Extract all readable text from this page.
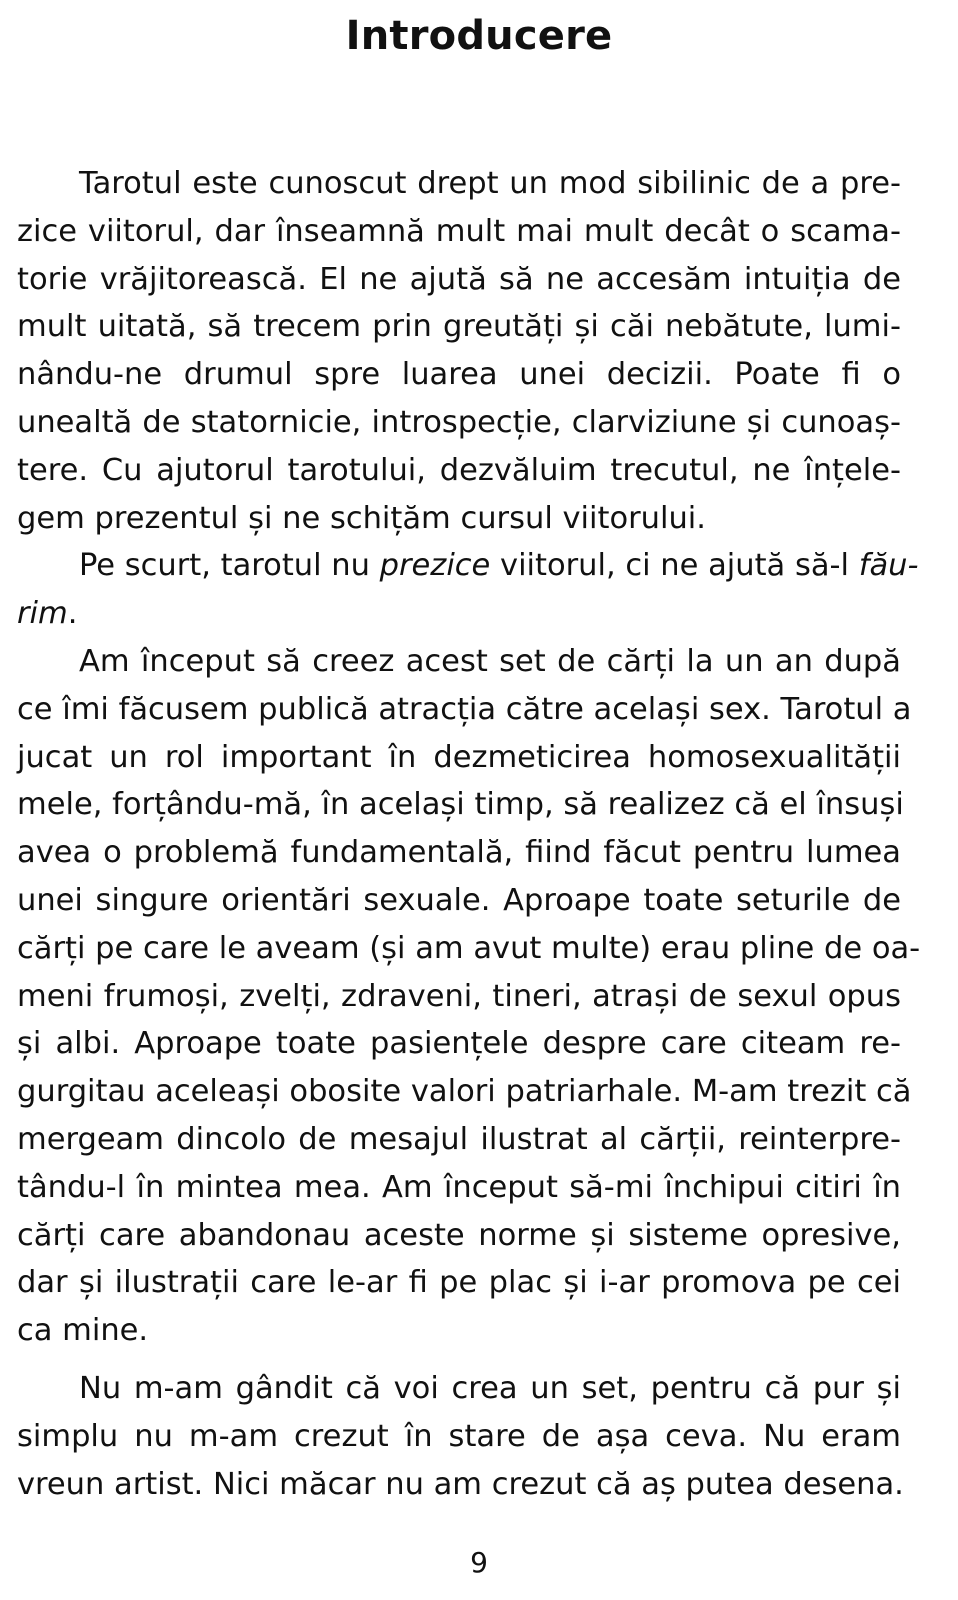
Introducere
Tarotul este cunoscut drept un mod sibilinic de a pre-
zice viitorul, dar înseamnă mult mai mult decât o scama-
torie vrăjitorească. El ne ajută să ne accesăm intuiția de
mult uitată, să trecem prin greutăți și căi nebătute, lumi-
nându-ne drumul spre luarea unei decizii. Poate fi o
unealtă de statornicie, introspecție, clarviziune și cunoaș-
tere. Cu ajutorul tarotului, dezvăluim trecutul, ne înțele-
gem prezentul și ne schițăm cursul viitorului.
Pe scurt, tarotul nu prezice viitorul, ci ne ajută să-l fău-
rim.
Am început să creez acest set de cărți la un an după
ce îmi făcusem publică atracția către același sex. Tarotul a
jucat un rol important în dezmeticirea homosexualității
mele, forțându-mă, în același timp, să realizez că el însuși
avea o problemă fundamentală, fiind făcut pentru lumea
unei singure orientări sexuale. Aproape toate seturile de
cărți pe care le aveam (și am avut multe) erau pline de oa-
meni frumoși, zvelți, zdraveni, tineri, atrași de sexul opus
și albi. Aproape toate pasiențele despre care citeam re-
gurgitau aceleași obosite valori patriarhale. M-am trezit că
mergeam dincolo de mesajul ilustrat al cărții, reinterpre-
tându-l în mintea mea. Am început să-mi închipui citiri în
cărți care abandonau aceste norme și sisteme opresive,
dar și ilustrații care le-ar fi pe plac și i-ar promova pe cei
ca mine.
Nu m-am gândit că voi crea un set, pentru că pur și
simplu nu m-am crezut în stare de așa ceva. Nu eram
vreun artist. Nici măcar nu am crezut că aș putea desena.
9
